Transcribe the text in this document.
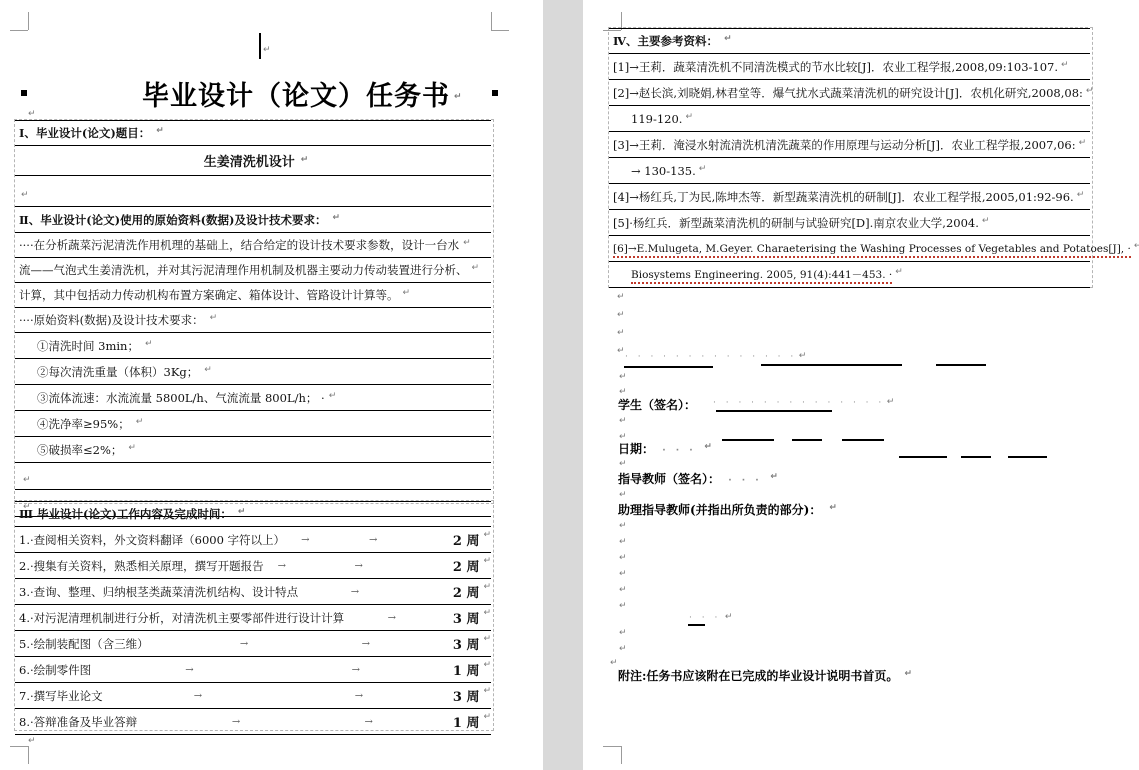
↵
↵
毕业设计（论文）任务书 ↵
Ⅰ、毕业设计(论文)题目： ↵
生姜清洗机设计 ↵
↵
Ⅱ、毕业设计(论文)使用的原始资料(数据)及设计技术要求： ↵
····在分析蔬菜污泥清洗作用机理的基础上，结合给定的设计技术要求参数，设计一台水 ↵
流——气泡式生姜清洗机，并对其污泥清理作用机制及机器主要动力传动装置进行分析、 ↵
计算，其中包括动力传动机构布置方案确定、箱体设计、管路设计计算等。 ↵
····原始资料(数据)及设计技术要求： ↵
①清洗时间 3min； ↵
②每次清洗重量（体积）3Kg； ↵
③流体流速：水流流量 5800L/h、气流流量 800L/h； · ↵
④洗净率≥95%； ↵
⑤破损率≤2%； ↵
↵
↵
Ⅲ 毕业设计(论文)工作内容及完成时间： ↵

1. ·查阅相关资料，外文资料翻译（6000 字符以上） →	→	2 周
↵

2. ·搜集有关资料，熟悉相关原理，撰写开题报告 →	→	2 周
↵

3. ·查询、整理、归纳根茎类蔬菜清洗机结构、设计特点	→	2 周
↵

4. ·对污泥清理机制进行分析，对清洗机主要零部件进行设计计算	→	3 周
↵

5. ·绘制装配图（含三维）	→	→	3 周
↵

6. ·绘制零件图	→	→	1 周
↵

7. ·撰写毕业论文	→	→	3 周
↵

8. ·答辩准备及毕业答辩	→	→	1 周
↵
↵
Ⅳ、主要参考资料： ↵
[1]→王莉．蔬菜清洗机不同清洗模式的节水比较[J]．农业工程学报,2008,09:103-107. ↵
[2]→赵长滨,刘晓娟,林君堂等．爆气扰水式蔬菜清洗机的研究设计[J]．农机化研究,2008,08: ↵
119-120. ↵
[3]→王莉．淹浸水射流清洗机清洗蔬菜的作用原理与运动分析[J]．农业工程学报,2007,06: ↵
→ 130-135. ↵
[4]→杨红兵,丁为民,陈坤杰等．新型蔬菜清洗机的研制[J]．农业工程学报,2005,01:92-96. ↵
[5]·杨红兵．新型蔬菜清洗机的研制与试验研究[D].南京农业大学,2004. ↵
[6]→E.Mulugeta, M.Geyer. Charaeterising the Washing Processes of Vegetables and Potatoes[J], · ↵
Biosystems Engineering. 2005, 91(4):441－453. · ↵
↵
↵
↵
↵
· · · · · · · · · · · · · · ↵
↵
↵
学生（签名）： · · · · · · · · · · · · · · ↵
↵
↵
日期： · · · ↵
↵
指导教师（签名）： · · · ↵
↵
助理指导教师(并指出所负责的部分)： ↵
↵
↵
↵
↵
↵
↵
· · · ↵
↵
↵
↵
附注:任务书应该附在已完成的毕业设计说明书首页。 ↵
